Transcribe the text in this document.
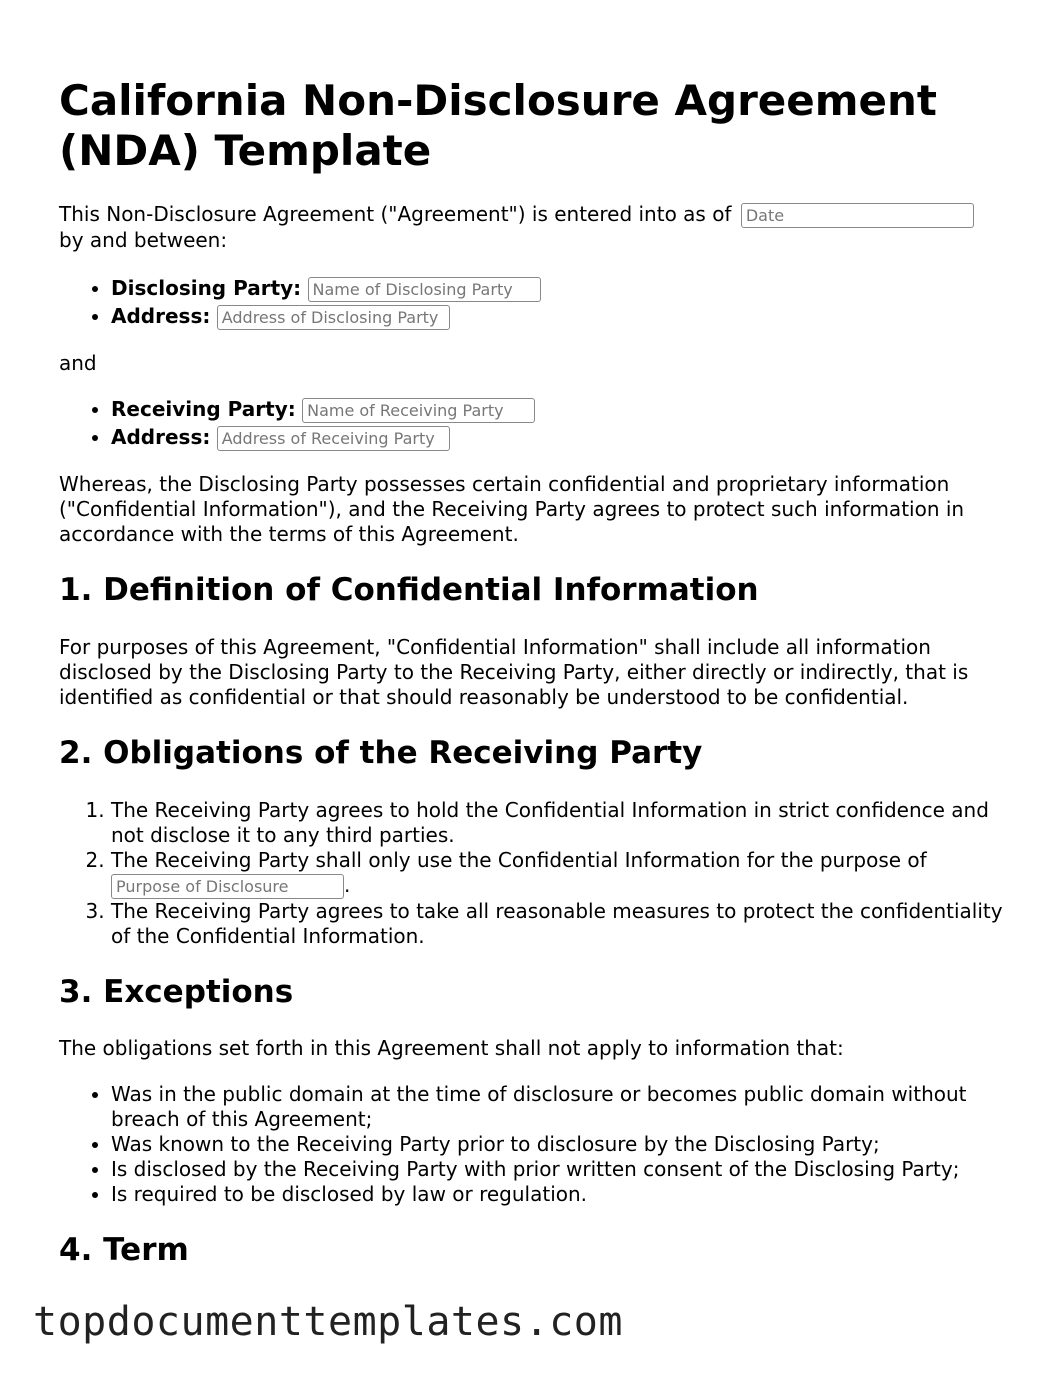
California Non-Disclosure Agreement (NDA) Template

This Non-Disclosure Agreement ("Agreement") is entered into as of Date
by and between:

• Disclosing Party: Name of Disclosing Party
• Address: Address of Disclosing Party

and

• Receiving Party: Name of Receiving Party
• Address: Address of Receiving Party

Whereas, the Disclosing Party possesses certain confidential and proprietary information ("Confidential Information"), and the Receiving Party agrees to protect such information in accordance with the terms of this Agreement.

1. Definition of Confidential Information

For purposes of this Agreement, "Confidential Information" shall include all information disclosed by the Disclosing Party to the Receiving Party, either directly or indirectly, that is identified as confidential or that should reasonably be understood to be confidential.

2. Obligations of the Receiving Party
1. The Receiving Party agrees to hold the Confidential Information in strict confidence and not disclose it to any third parties.
2. The Receiving Party shall only use the Confidential Information for the purpose of
Purpose of Disclosure.
3. The Receiving Party agrees to take all reasonable measures to protect the confidentiality of the Confidential Information.
3. Exceptions

The obligations set forth in this Agreement shall not apply to information that:

• Was in the public domain at the time of disclosure or becomes public domain without breach of this Agreement;
• Was known to the Receiving Party prior to disclosure by the Disclosing Party;
• Is disclosed by the Receiving Party with prior written consent of the Disclosing Party;
• Is required to be disclosed by law or regulation.
4. Term
topdocumenttemplates.com
